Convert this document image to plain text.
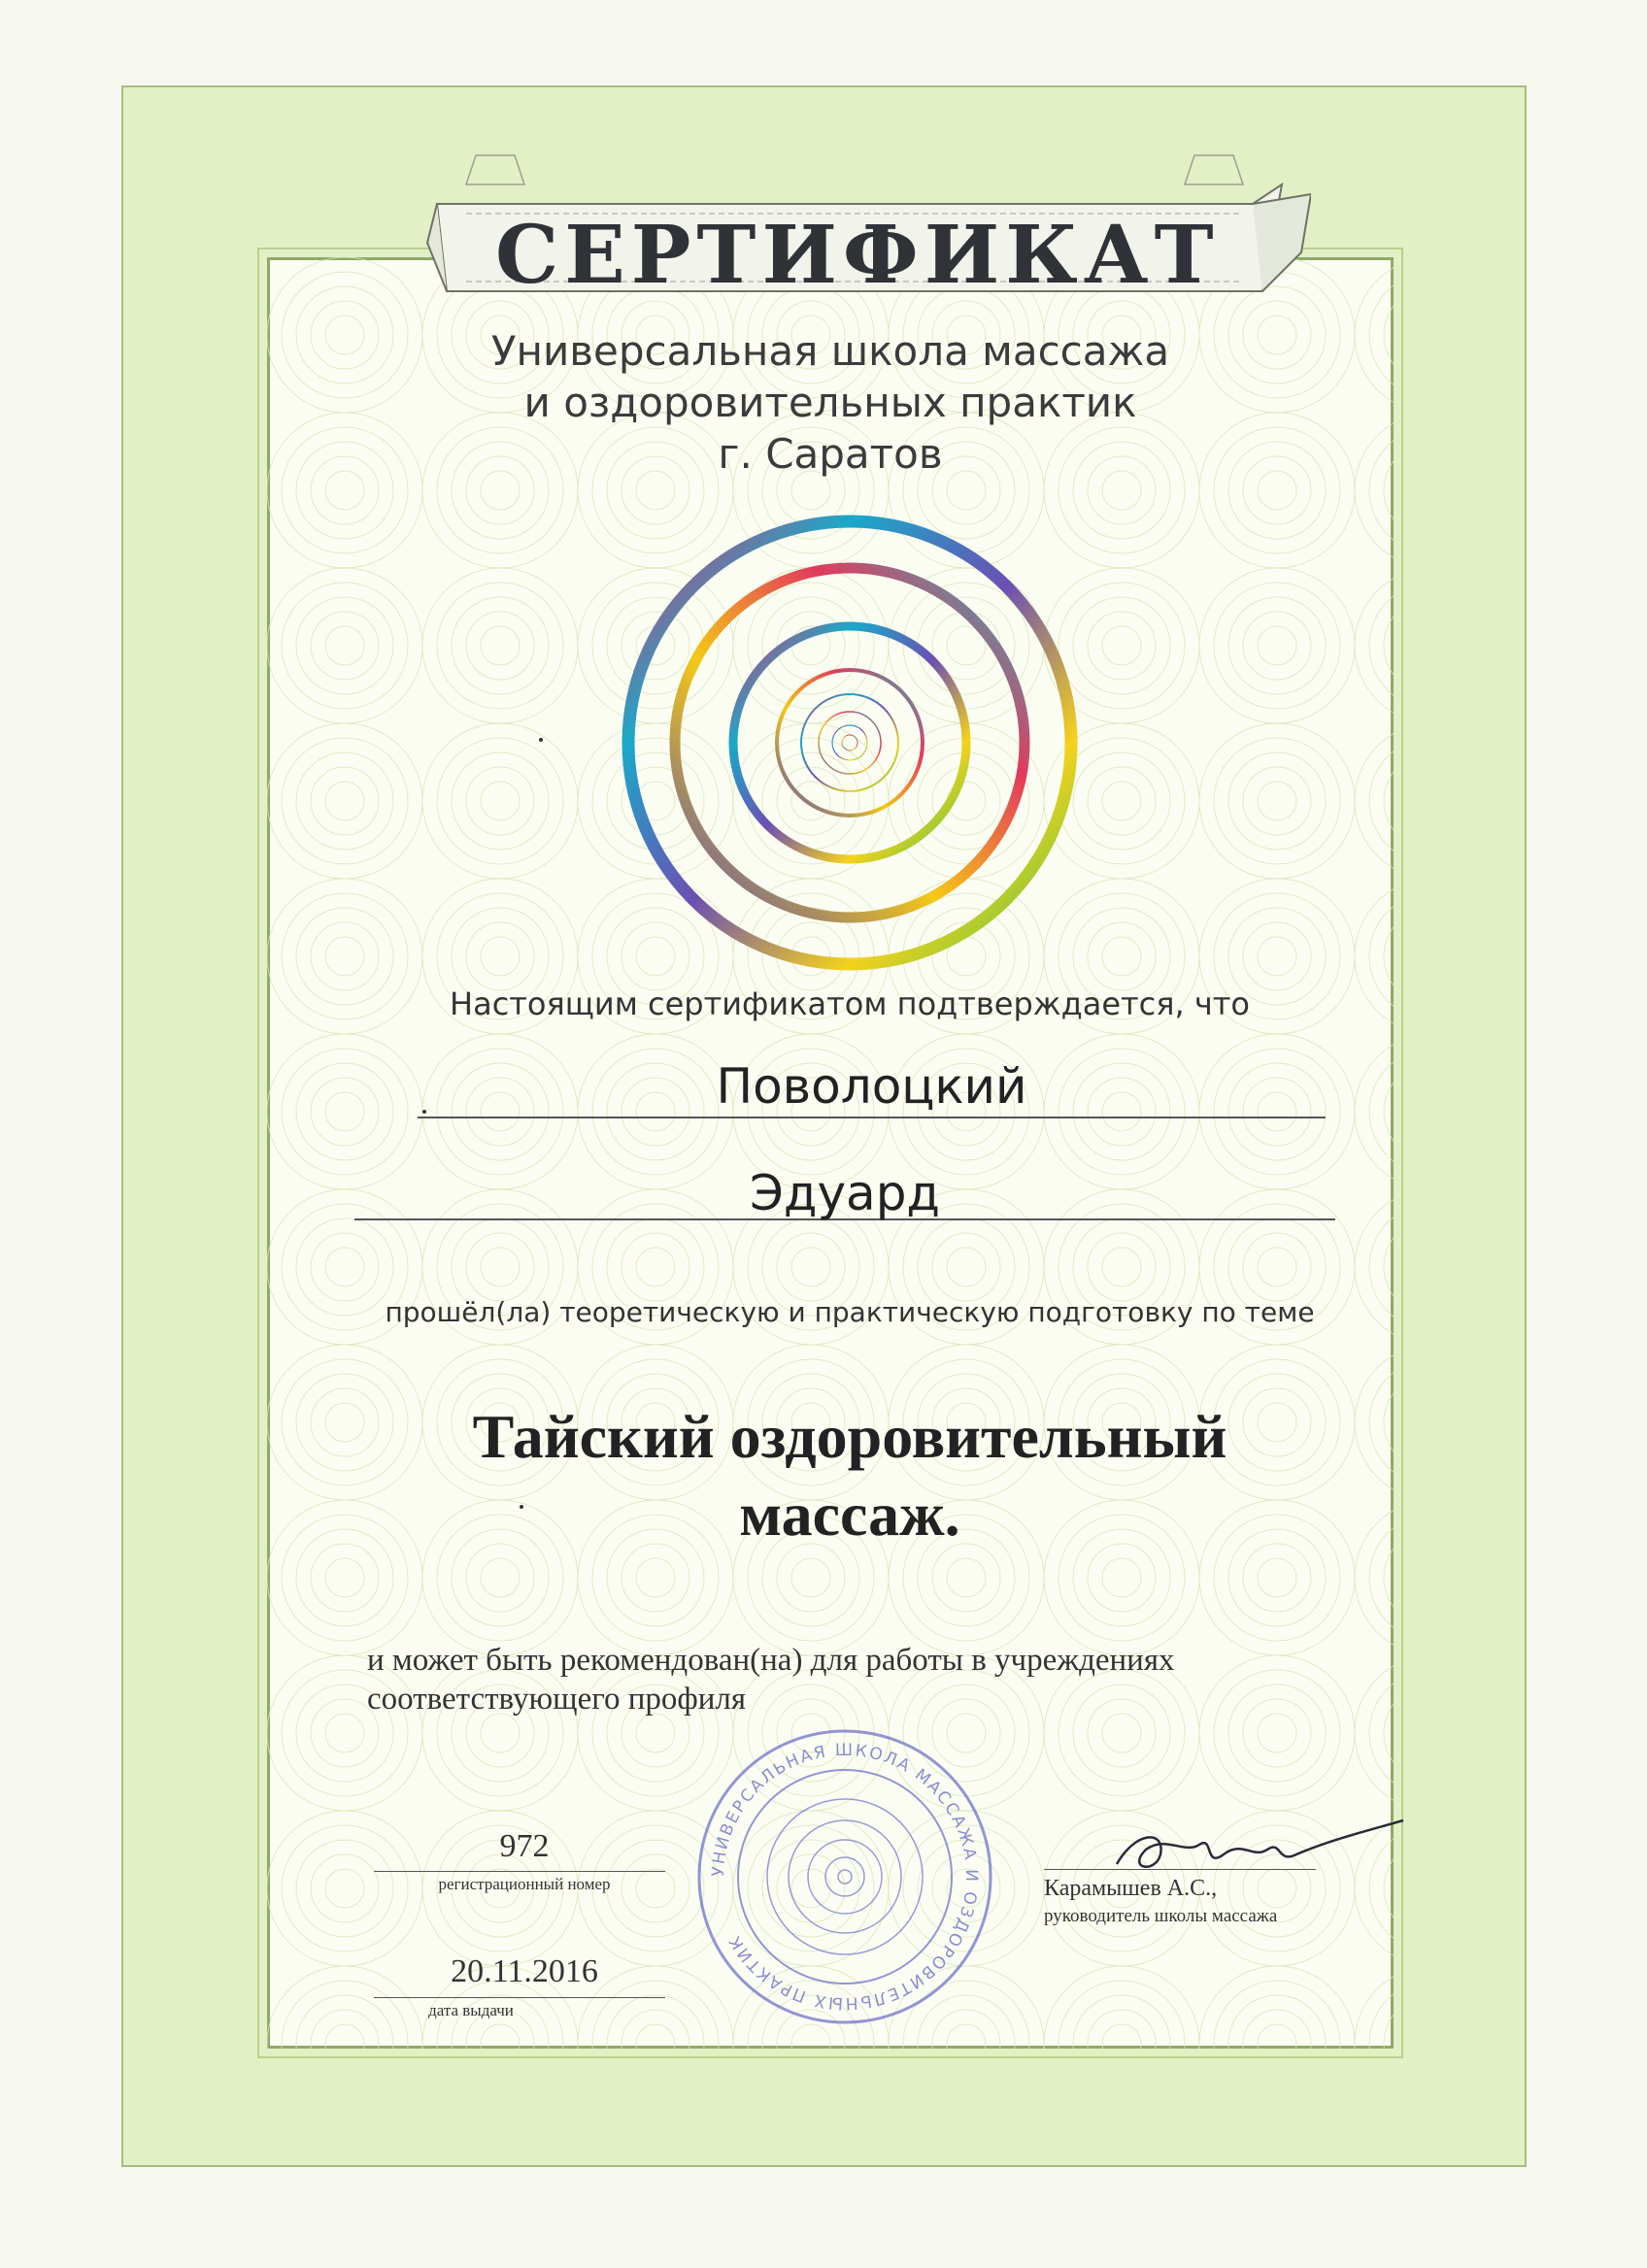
СЕРТИФИКАТ
Универсальная школа массажа
и оздоровительных практик
г. Саратов
Настоящим сертификатом подтверждается, что
Поволоцкий
Эдуард
прошёл(ла) теоретическую и практическую подготовку по теме
Тайский оздоровительный
массаж.
и может быть рекомендован(на) для работы в учреждениях
соответствующего профиля
972
регистрационный номер
20.11.2016
дата выдачи
Карамышев А.С.,
руководитель школы массажа
УНИВЕРСАЛЬНАЯ ШКОЛА МАССАЖА И ОЗДОРОВИТЕЛЬНЫХ ПРАКТИК
